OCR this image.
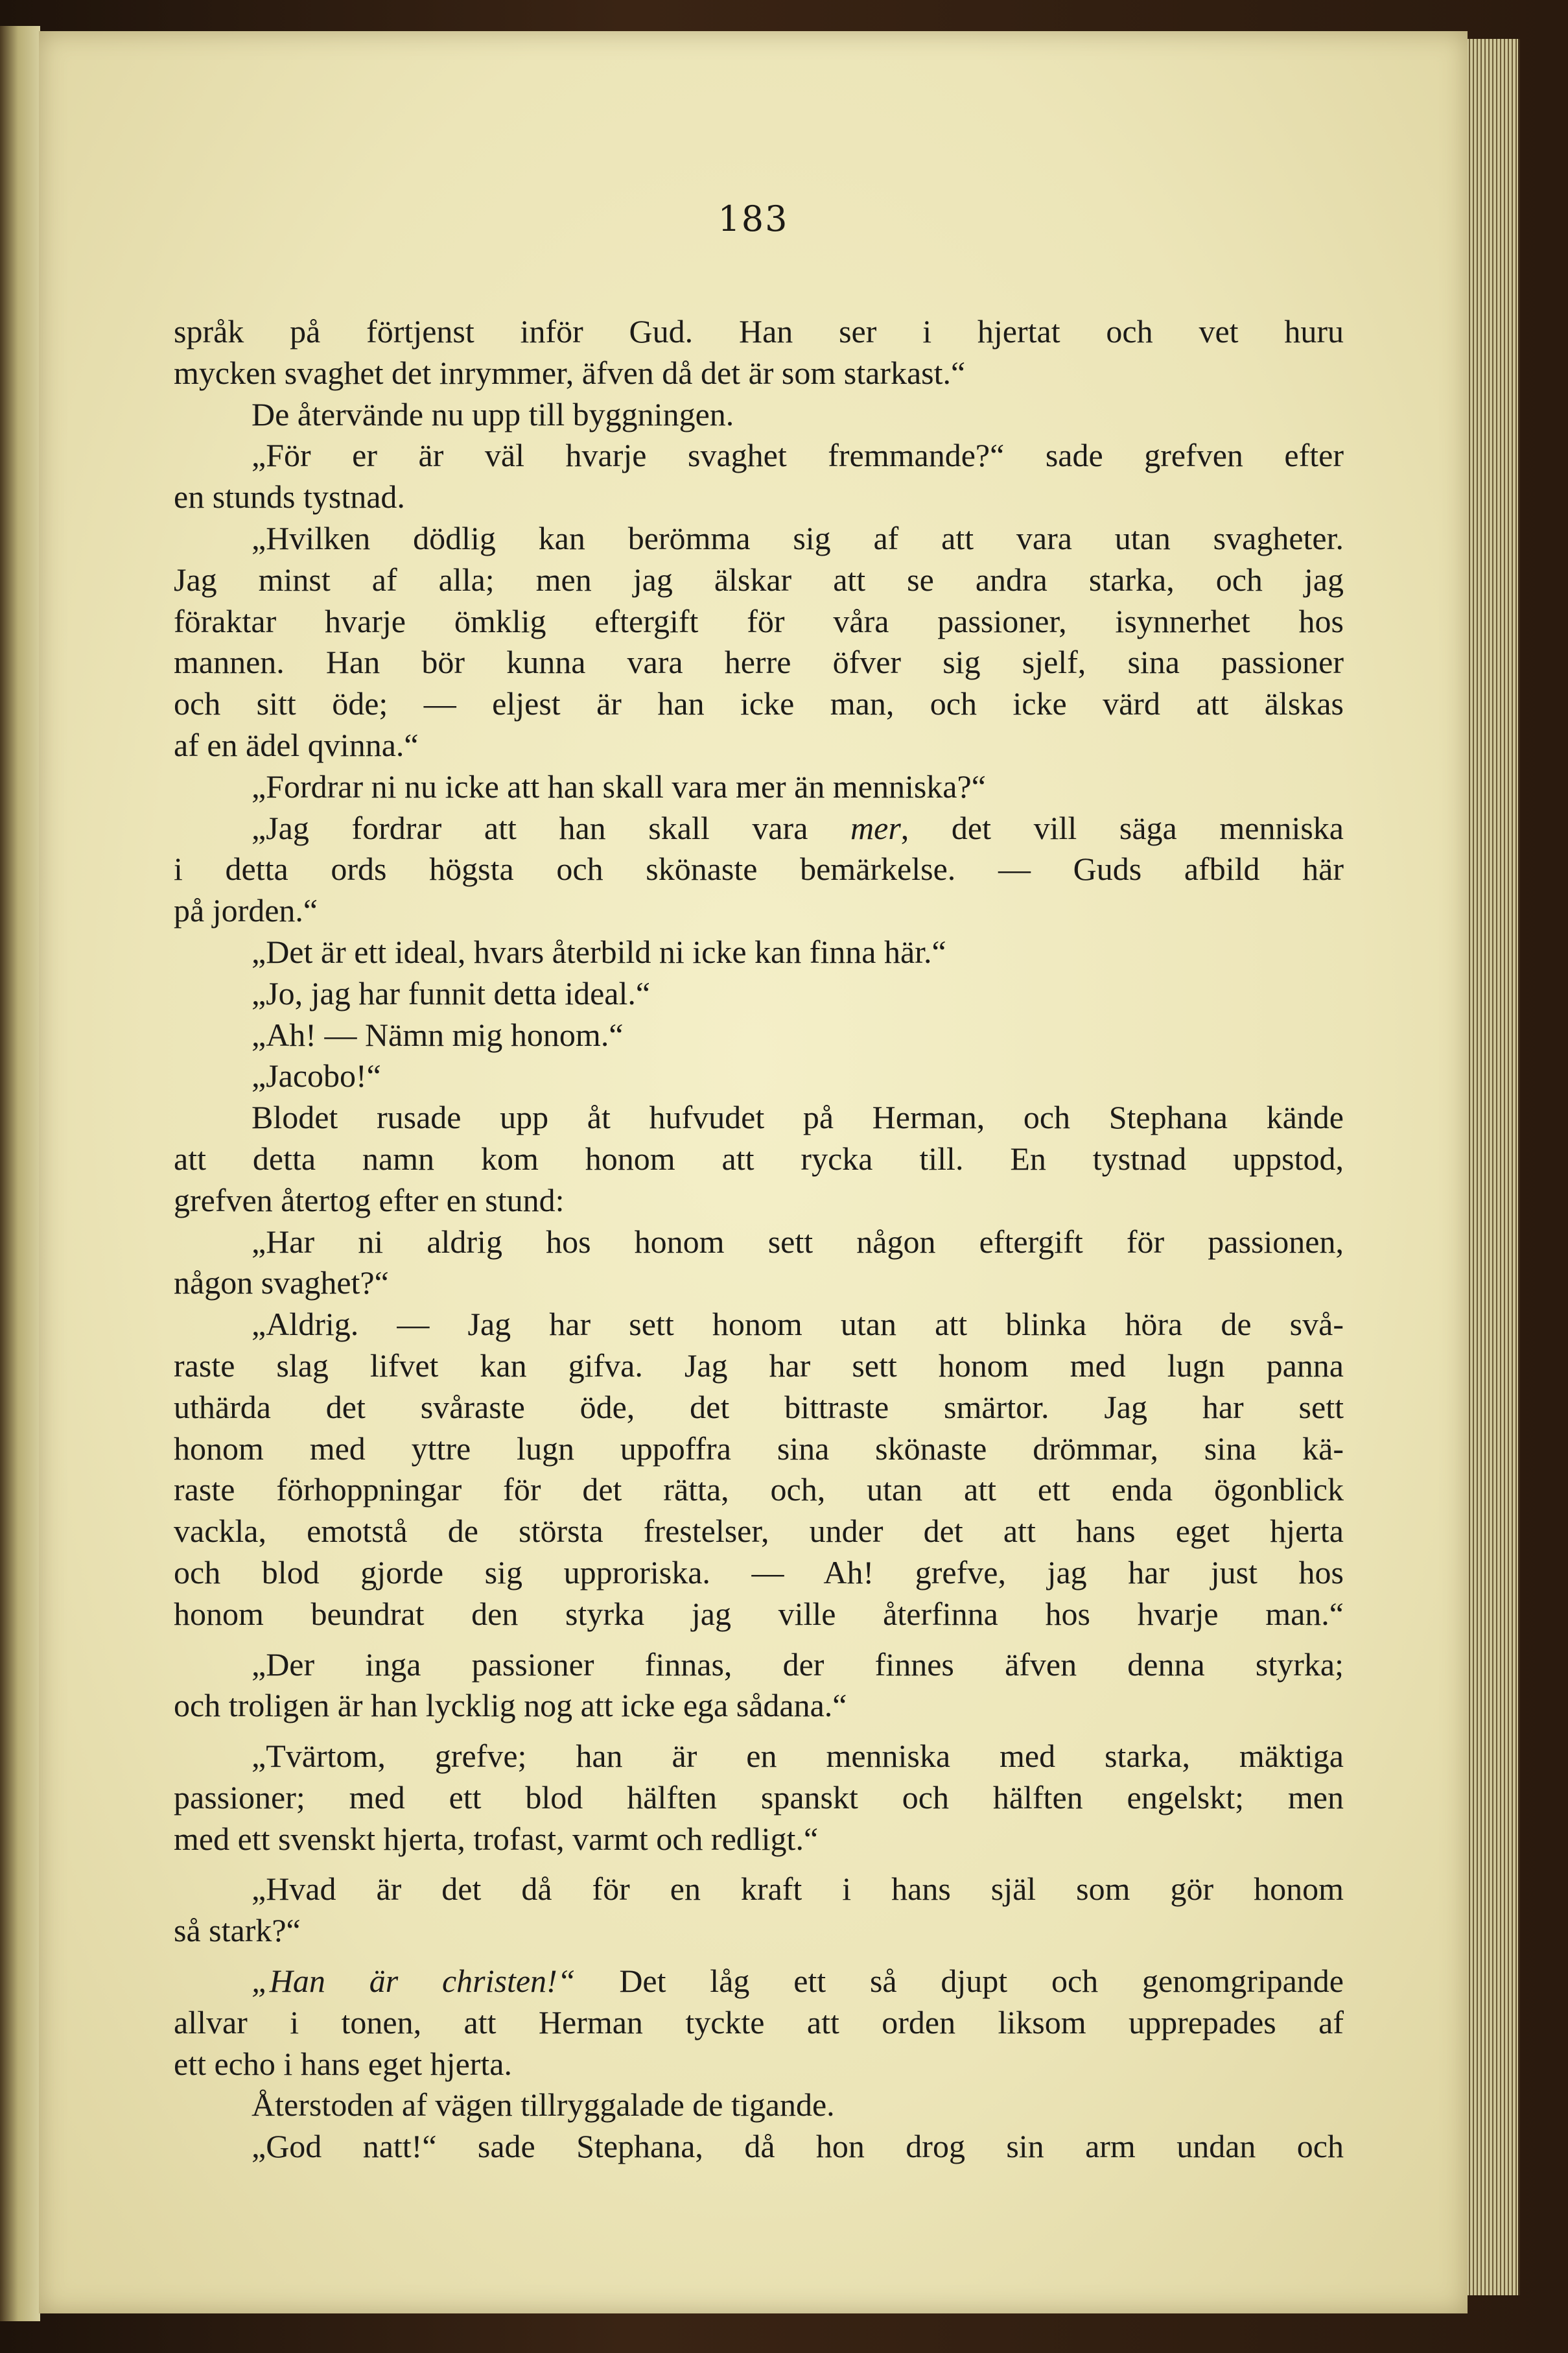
183
språk på förtjenst inför Gud. Han ser i hjertat och vet huru
mycken svaghet det inrymmer, äfven då det är som starkast.“
De återvände nu upp till byggningen.
„För er är väl hvarje svaghet fremmande?“ sade grefven efter
en stunds tystnad.
„Hvilken dödlig kan berömma sig af att vara utan svagheter.
Jag minst af alla; men jag älskar att se andra starka, och jag
föraktar hvarje ömklig eftergift för våra passioner, isynnerhet hos
mannen. Han bör kunna vara herre öfver sig sjelf, sina passioner
och sitt öde; — eljest är han icke man, och icke värd att älskas
af en ädel qvinna.“
„Fordrar ni nu icke att han skall vara mer än menniska?“
„Jag fordrar att han skall vara mer, det vill säga menniska
i detta ords högsta och skönaste bemärkelse. — Guds afbild här
på jorden.“
„Det är ett ideal, hvars återbild ni icke kan finna här.“
„Jo, jag har funnit detta ideal.“
„Ah! — Nämn mig honom.“
„Jacobo!“
Blodet rusade upp åt hufvudet på Herman, och Stephana kände
att detta namn kom honom att rycka till. En tystnad uppstod,
grefven återtog efter en stund:
„Har ni aldrig hos honom sett någon eftergift för passionen,
någon svaghet?“
„Aldrig. — Jag har sett honom utan att blinka höra de svå-
raste slag lifvet kan gifva. Jag har sett honom med lugn panna
uthärda det svåraste öde, det bittraste smärtor. Jag har sett
honom med yttre lugn uppoffra sina skönaste drömmar, sina kä-
raste förhoppningar för det rätta, och, utan att ett enda ögonblick
vackla, emotstå de största frestelser, under det att hans eget hjerta
och blod gjorde sig upproriska. — Ah! grefve, jag har just hos
honom beundrat den styrka jag ville återfinna hos hvarje man.“
„Der inga passioner finnas, der finnes äfven denna styrka;
och troligen är han lycklig nog att icke ega sådana.“
„Tvärtom, grefve; han är en menniska med starka, mäktiga
passioner; med ett blod hälften spanskt och hälften engelskt; men
med ett svenskt hjerta, trofast, varmt och redligt.“
„Hvad är det då för en kraft i hans själ som gör honom
så stark?“
„Han är christen!“ Det låg ett så djupt och genomgripande
allvar i tonen, att Herman tyckte att orden liksom upprepades af
ett echo i hans eget hjerta.
Återstoden af vägen tillryggalade de tigande.
„God natt!“ sade Stephana, då hon drog sin arm undan och
